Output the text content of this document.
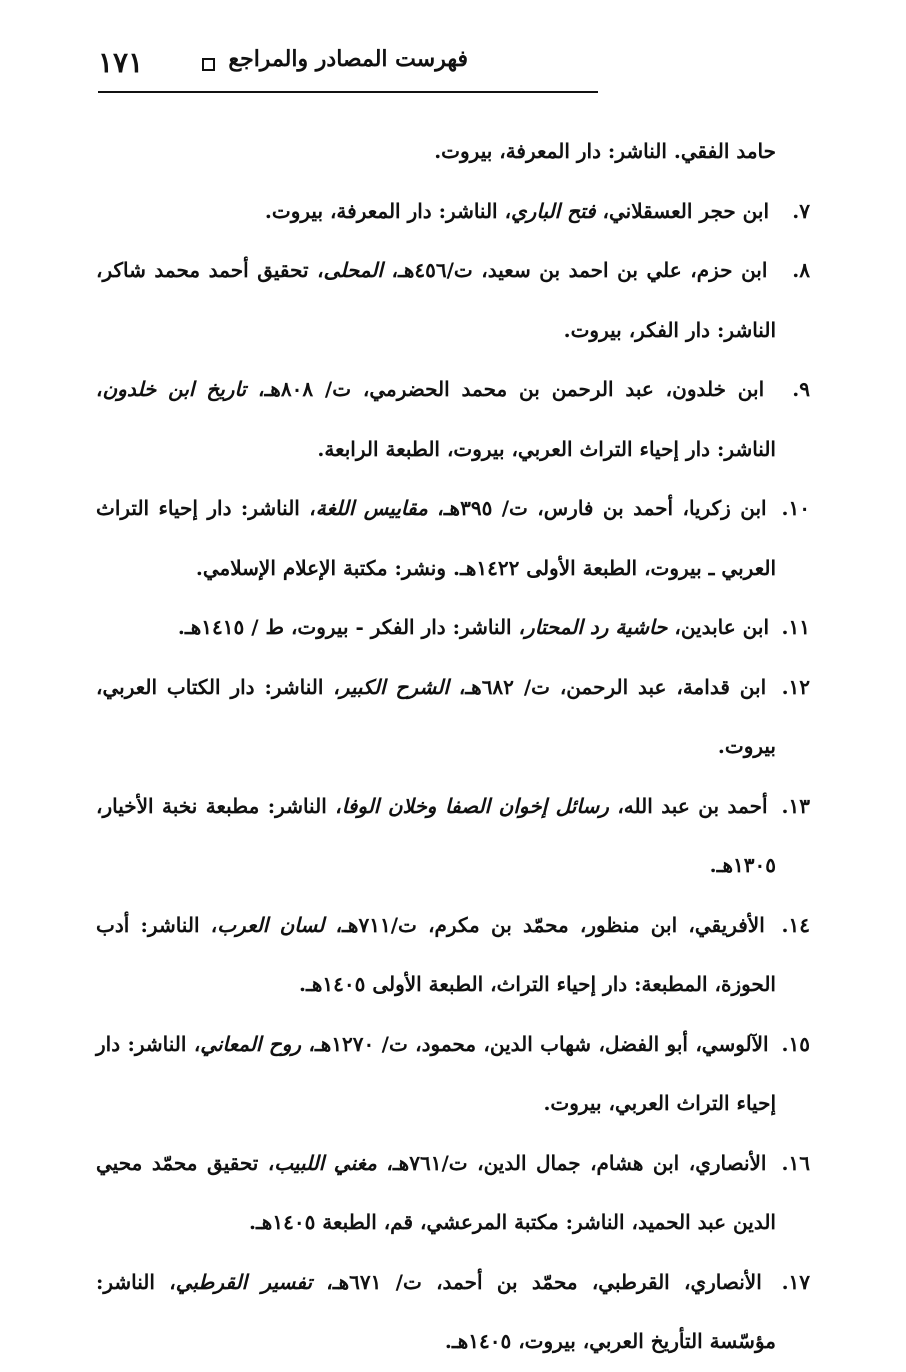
١٧١	فهرست المصادر والمراجع
حامد الفقي. الناشر: دار المعرفة، بيروت.
٧. ابن حجر العسقلاني، فتح الباري، الناشر: دار المعرفة، بيروت.
٨. ابن حزم، علي بن احمد بن سعيد، ت/٤٥٦هـ، المحلى، تحقيق أحمد محمد شاكر، الناشر: دار الفكر، بيروت.
٩. ابن خلدون، عبد الرحمن بن محمد الحضرمي، ت/ ٨٠٨هـ، تاريخ ابن خلدون، الناشر: دار إحياء التراث العربي، بيروت، الطبعة الرابعة.
١٠. ابن زكريا، أحمد بن فارس، ت/ ٣٩٥هـ، مقاييس اللغة، الناشر: دار إحياء التراث العربي ـ بيروت، الطبعة الأولى ١٤٢٢هـ. ونشر: مكتبة الإعلام الإسلامي.
١١. ابن عابدين، حاشية رد المحتار، الناشر: دار الفكر - بيروت، ط / ١٤١٥هـ.
١٢. ابن قدامة، عبد الرحمن، ت/ ٦٨٢هـ، الشرح الكبير، الناشر: دار الكتاب العربي، بيروت.
١٣. أحمد بن عبد الله، رسائل إخوان الصفا وخلان الوفا، الناشر: مطبعة نخبة الأخيار، ١٣٠٥هـ.
١٤. الأفريقي، ابن منظور، محمّد بن مكرم، ت/٧١١هـ، لسان العرب، الناشر: أدب الحوزة، المطبعة: دار إحياء التراث، الطبعة الأولى ١٤٠٥هـ.
١٥. الآلوسي، أبو الفضل، شهاب الدين، محمود، ت/ ١٢٧٠هـ، روح المعاني، الناشر: دار إحياء التراث العربي، بيروت.
١٦. الأنصاري، ابن هشام، جمال الدين، ت/٧٦١هـ، مغني اللبيب، تحقيق محمّد محيي الدين عبد الحميد، الناشر: مكتبة المرعشي، قم، الطبعة ١٤٠٥هـ.
١٧. الأنصاري، القرطبي، محمّد بن أحمد، ت/ ٦٧١هـ، تفسير القرطبي، الناشر: مؤسّسة التأريخ العربي، بيروت، ١٤٠٥هـ.
